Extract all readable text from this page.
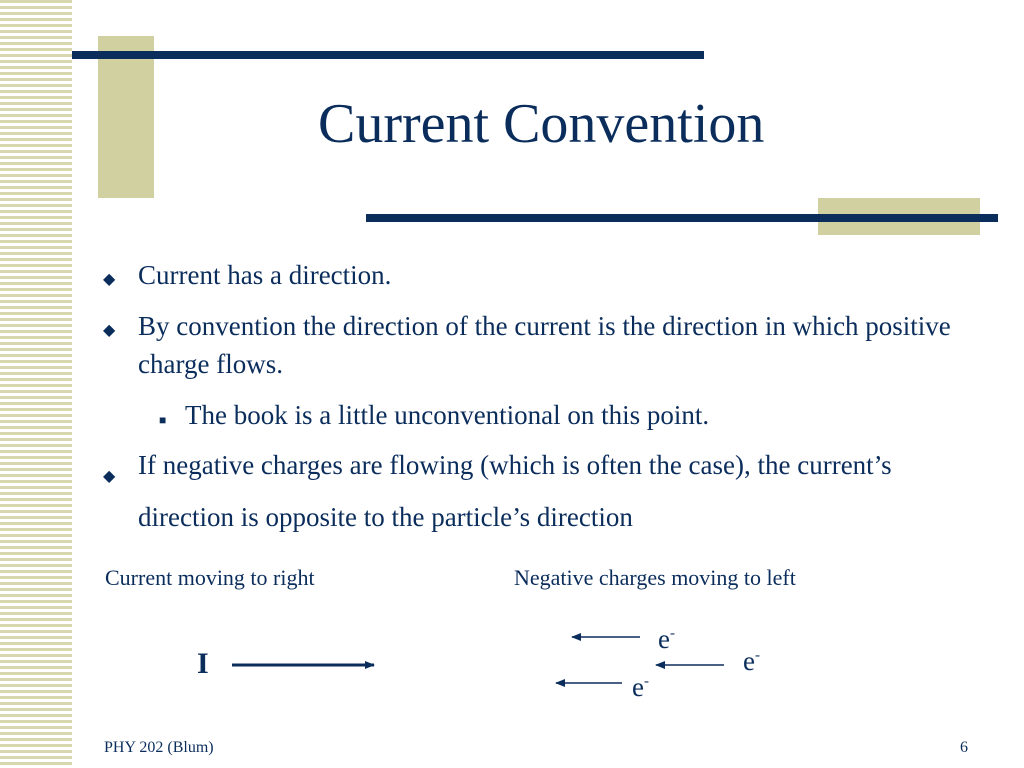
Current Convention

◆ Current has a direction.

◆ By convention the direction of the current is the direction in which positive charge flows.

■ The book is a little unconventional on this point.

◆ If negative charges are flowing (which is often the case), the current’s direction is opposite to the particle’s direction

Current moving to right	Negative charges moving to left
I
e-
e-
e-
PHY 202 (Blum)	6
